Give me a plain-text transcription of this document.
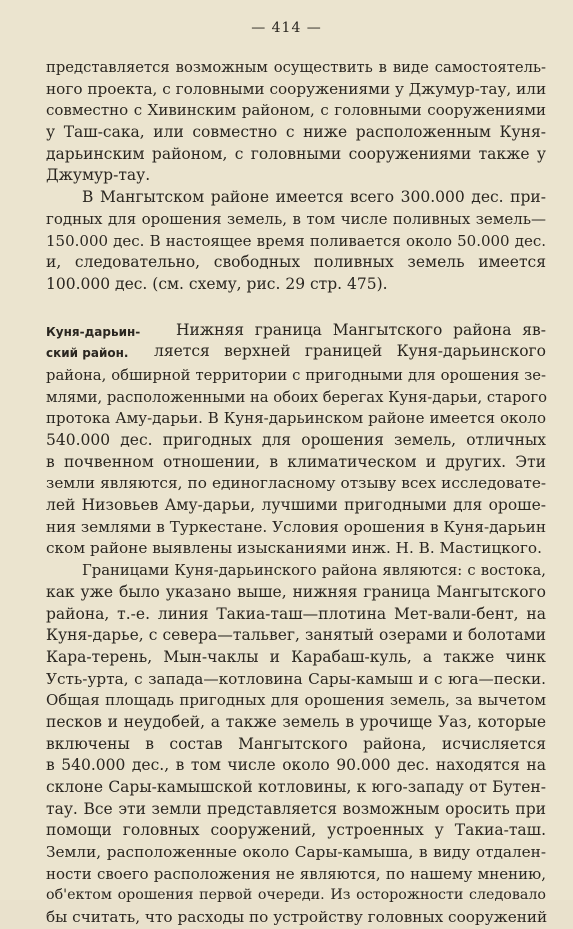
— 414 —
представляется возможным осуществить в виде самостоятель-
ного проекта, с головными сооружениями у Джумур-тау, или
совместно с Хивинским районом, с головными сооружениями
у Таш-сака, или совместно с ниже расположенным Куня-
дарьинским районом, с головными сооружениями также у
Джумур-тау.
В Мангытском районе имеется всего 300.000 дес. при-
годных для орошения земель, в том числе поливных земель—
150.000 дес. В настоящее время поливается около 50.000 дес.
и, следовательно, свободных поливных земель имеется
100.000 дес. (см. схему, рис. 29 стр. 475).
Куня-дарьин-
ский район.
Нижняя граница Мангытского района яв-
ляется верхней границей Куня-дарьинского
района, обширной территории с пригодными для орошения зе-
млями, расположенными на обоих берегах Куня-дарьи, старого
протока Аму-дарьи. В Куня-дарьинском районе имеется около
540.000 дес. пригодных для орошения земель, отличных
в почвенном отношении, в климатическом и других. Эти
земли являются, по единогласному отзыву всех исследовате-
лей Низовьев Аму-дарьи, лучшими пригодными для ороше-
ния землями в Туркестане. Условия орошения в Куня-дарьин
ском районе выявлены изысканиями инж. Н. В. Мастицкого.
Границами Куня-дарьинского района являются: с востока,
как уже было указано выше, нижняя граница Мангытского
района, т.-е. линия Такиа-таш—плотина Мет-вали-бент, на
Куня-дарье, с севера—тальвег, занятый озерами и болотами
Кара-терень, Мын-чаклы и Карабаш-куль, а также чинк
Усть-урта, с запада—котловина Сары-камыш и с юга—пески.
Общая площадь пригодных для орошения земель, за вычетом
песков и неудобей, а также земель в урочище Уаз, которые
включены в состав Мангытского района, исчисляется
в 540.000 дес., в том числе около 90.000 дес. находятся на
склоне Сары-камышской котловины, к юго-западу от Бутен-
тау. Все эти земли представляется возможным оросить при
помощи головных сооружений, устроенных у Такиа-таш.
Земли, расположенные около Сары-камыша, в виду отдален-
ности своего расположения не являются, по нашему мнению,
об'ектом орошения первой очереди. Из осторожности следовало
бы считать, что расходы по устройству головных сооружений
